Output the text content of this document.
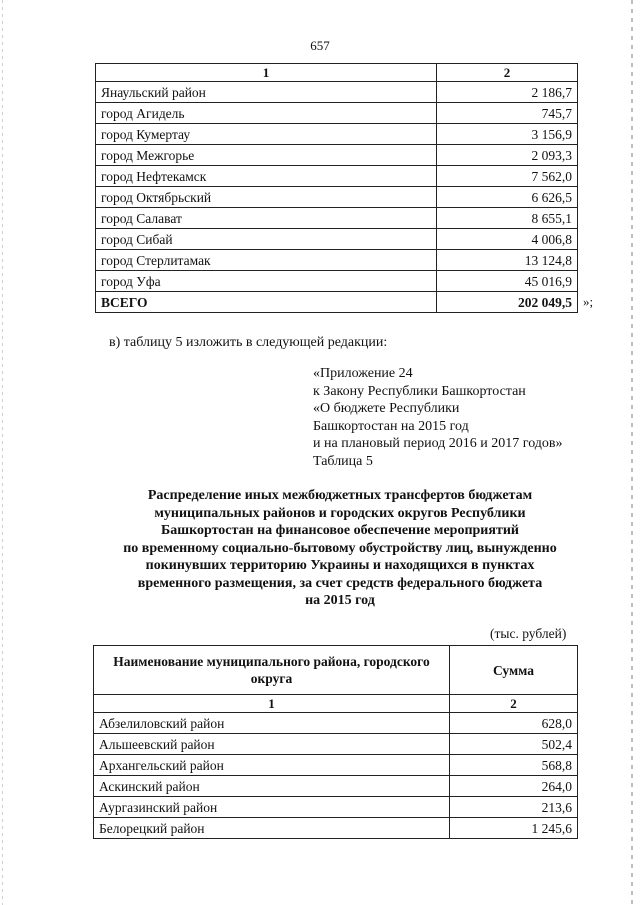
657
1	2
Янаульский район	2 186,7
город Агидель	745,7
город Кумертау	3 156,9
город Межгорье	2 093,3
город Нефтекамск	7 562,0
город Октябрьский	6 626,5
город Салават	8 655,1
город Сибай	4 006,8
город Стерлитамак	13 124,8
город Уфа	45 016,9
ВСЕГО	202 049,5 »;
в) таблицу 5 изложить в следующей редакции:
«Приложение 24
к Закону Республики Башкортостан
«О бюджете Республики
Башкортостан на 2015 год
и на плановый период 2016 и 2017 годов»
Таблица 5
Распределение иных межбюджетных трансфертов бюджетам
муниципальных районов и городских округов Республики
Башкортостан на финансовое обеспечение мероприятий
по временному социально-бытовому обустройству лиц, вынужденно
покинувших территорию Украины и находящихся в пунктах
временного размещения, за счет средств федерального бюджета
на 2015 год
(тыс. рублей)
Наименование муниципального района, городского округа	Сумма
1	2
Абзелиловский район	628,0
Альшеевский район	502,4
Архангельский район	568,8
Аскинский район	264,0
Аургазинский район	213,6
Белорецкий район	1 245,6
